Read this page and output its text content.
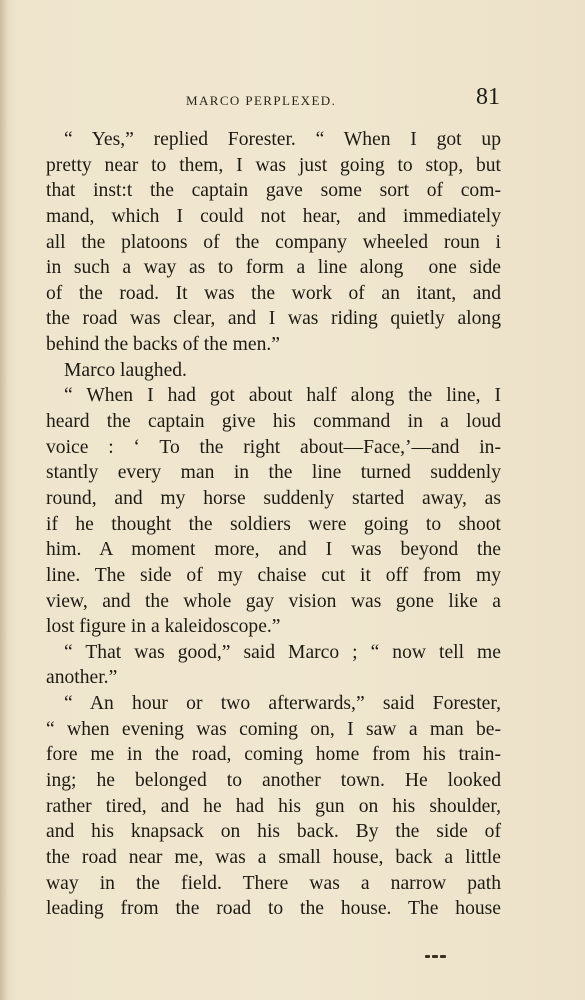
MARCO PERPLEXED.	81
“ Yes,” replied Forester. “ When I got up
pretty near to them, I was just going to stop, but
that inst⁠​:⁠t the captain gave some sort of com-
mand, which I could not hear, and immediately
all the platoons of the company wheeled roun i
in such a way as to form a line along ⁠​ one side
of the road. It was the work of an i⁠​⁠tant, and
the road was clear, and I was riding quietly along
behind the backs of the men.”
Marco laughed.
“ When I had got about half along the line, I
heard the captain give his command in a loud
voice : ‘ To the right about—Face,’—and in-
stantly every man in the line turned suddenly
round, and my horse suddenly started away, as
if he thought the soldiers were going to shoot
him. A moment more, and I was beyond the
line. The side of my chaise cut it off from my
view, and the whole gay vision was gone like a
lost figure in a kaleidoscope.”
“ That was good,” said Marco ; “ now tell me
another.”
“ An hour or two afterwards,” said Forester,
“ when evening was coming on, I saw a man be-
fore me in the road, coming home from his train-
ing; he belonged to another town. He looked
rather tired, and he had his gun on his shoulder,
and his knapsack on his back. By the side of
the road near me, was a small house, back a little
way in the field. There was a narrow path
leading from the road to the house. The house
